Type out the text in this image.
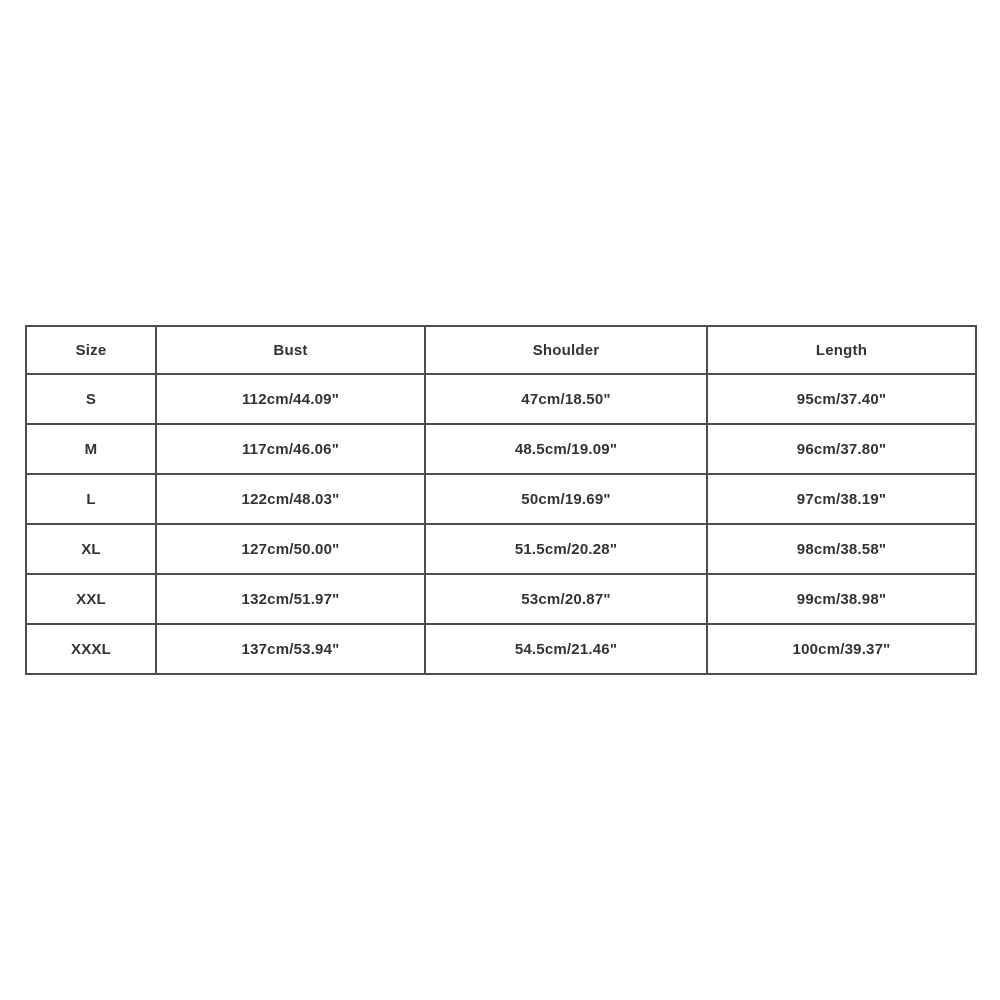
Size	Bust	Shoulder	Length
S	112cm/44.09"	47cm/18.50"	95cm/37.40"
M	117cm/46.06"	48.5cm/19.09"	96cm/37.80"
L	122cm/48.03"	50cm/19.69"	97cm/38.19"
XL	127cm/50.00"	51.5cm/20.28"	98cm/38.58"
XXL	132cm/51.97"	53cm/20.87"	99cm/38.98"
XXXL	137cm/53.94"	54.5cm/21.46"	100cm/39.37"
